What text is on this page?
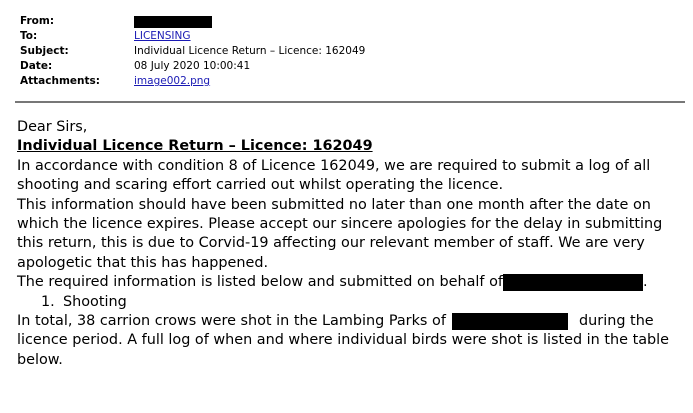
From:
To:	LICENSING
Subject:	Individual Licence Return – Licence: 162049
Date:	08 July 2020 10:00:41
Attachments:	image002.png

Dear Sirs,

Individual Licence Return – Licence: 162049

In accordance with condition 8 of Licence 162049, we are required to submit a log of all shooting and scaring effort carried out whilst operating the licence.

This information should have been submitted no later than one month after the date on which the licence expires. Please accept our sincere apologies for the delay in submitting this return, this is due to Corvid-19 affecting our relevant member of staff. We are very apologetic that this has happened.

The required information is listed below and submitted on behalf of	.

1. Shooting

In total, 38 carrion crows were shot in the Lambing Parks of	during the licence period. A full log of when and where individual birds were shot is listed in the table below.
